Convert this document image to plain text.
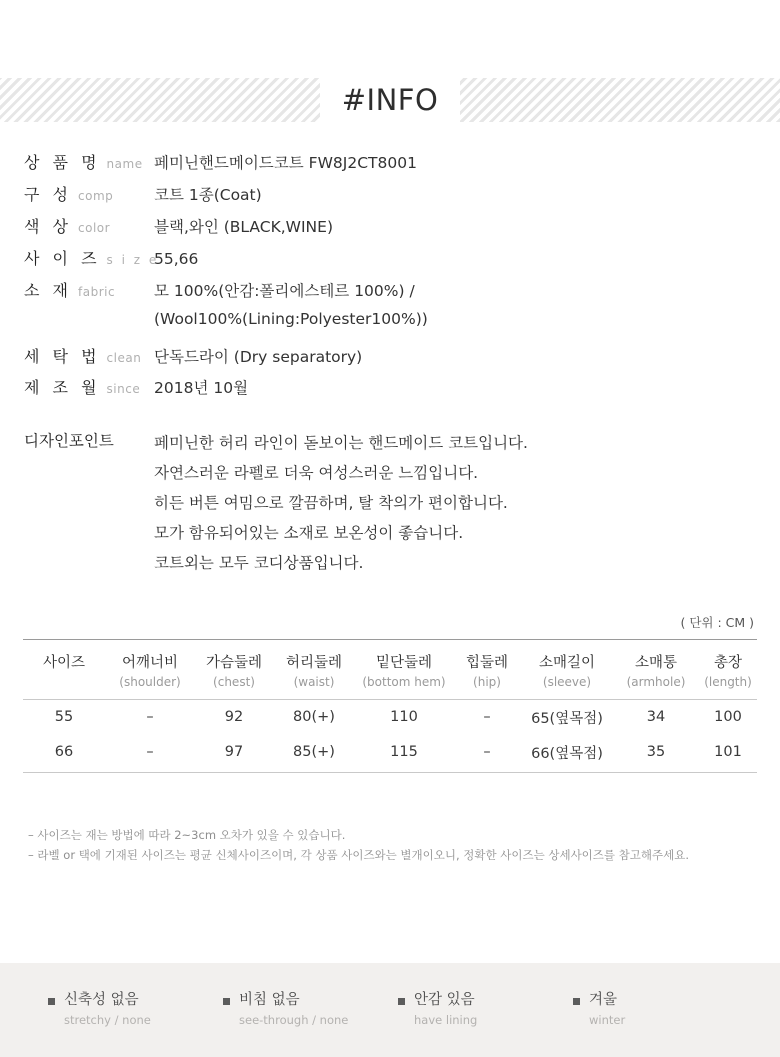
#INFO
상 품 명 name 페미닌핸드메이드코트 FW8J2CT8001
구 성 comp	코트 1종(Coat)
색 상 color	블랙,와인 (BLACK,WINE)
사 이 즈 s i z e
55,66
소 재 fabric	모 100%(안감:폴리에스테르 100%) /
(Wool100%(Lining:Polyester100%))
세 탁 법 clean 단독드라이 (Dry separatory)
제 조 월 since 2018년 10월
디자인포인트	페미닌한 허리 라인이 돋보이는 핸드메이드 코트입니다.
자연스러운 라펠로 더욱 여성스러운 느낌입니다.
히든 버튼 여밈으로 깔끔하며, 탈 착의가 편이합니다.
모가 함유되어있는 소재로 보온성이 좋습니다.
코트외는 모두 코디상품입니다.
( 단위 : CM )
사이즈	어깨너비	가슴둘레	허리둘레	밑단둘레	힙둘레	소매길이	소매통	총장
	(shoulder)	(chest)	(waist)	(bottom hem)	(hip)	(sleeve)	(armhole)	(length)
55	–	92	80(+)	110	–	65(옆목점)	34	100
66	–	97	85(+)	115	–	66(옆목점)	35	101
– 사이즈는 재는 방법에 따라 2~3cm 오차가 있을 수 있습니다.
– 라벨 or 택에 기재된 사이즈는 평균 신체사이즈이며, 각 상품 사이즈와는 별개이오니, 정확한 사이즈는 상세사이즈를 참고해주세요.
신축성 없음
stretchy / none
비침 없음
see-through / none
안감 있음
have lining
겨울
winter
